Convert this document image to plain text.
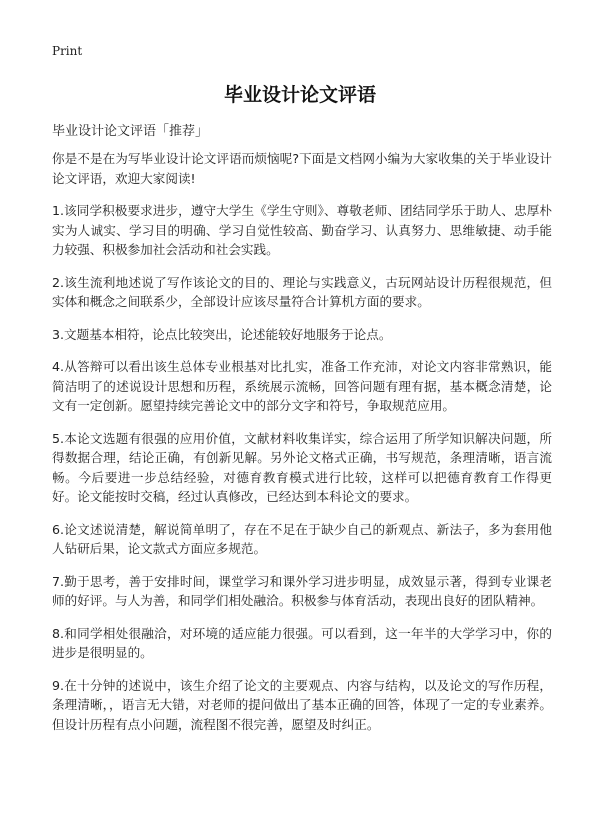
Print
毕业设计论文评语
毕业设计论文评语「推荐」

你是不是在为写毕业设计论文评语而烦恼呢?下面是文档网小编为大家收集的关于毕业设计论文评语，欢迎大家阅读!

1.该同学积极要求进步，遵守大学生《学生守则》、尊敬老师、团结同学乐于助人、忠厚朴实为人诚实、学习目的明确、学习自觉性较高、勤奋学习、认真努力、思维敏捷、动手能力较强、积极参加社会活动和社会实践。

2.该生流利地述说了写作该论文的目的、理论与实践意义，古玩网站设计历程很规范，但实体和概念之间联系少，全部设计应该尽量符合计算机方面的要求。

3.文题基本相符，论点比较突出，论述能较好地服务于论点。

4.从答辩可以看出该生总体专业根基对比扎实，准备工作充沛，对论文内容非常熟识，能简洁明了的述说设计思想和历程，系统展示流畅，回答问题有理有据，基本概念清楚，论文有一定创新。愿望持续完善论文中的部分文字和符号，争取规范应用。

5.本论文选题有很强的应用价值，文献材料收集详实，综合运用了所学知识解决问题，所得数据合理，结论正确，有创新见解。另外论文格式正确，书写规范，条理清晰，语言流畅。今后要进一步总结经验，对德育教育模式进行比较，这样可以把德育教育工作得更好。论文能按时交稿，经过认真修改，已经达到本科论文的要求。

6.论文述说清楚，解说简单明了，存在不足在于缺少自己的新观点、新法子，多为套用他人钻研后果，论文款式方面应多规范。

7.勤于思考，善于安排时间，课堂学习和课外学习进步明显，成效显示著，得到专业课老师的好评。与人为善，和同学们相处融洽。积极参与体育活动，表现出良好的团队精神。

8.和同学相处很融洽，对环境的适应能力很强。可以看到，这一年半的大学学习中，你的进步是很明显的。

9.在十分钟的述说中，该生介绍了论文的主要观点、内容与结构，以及论文的写作历程，条理清晰，，语言无大错，对老师的提问做出了基本正确的回答，体现了一定的专业素养。但设计历程有点小问题，流程图不很完善，愿望及时纠正。
